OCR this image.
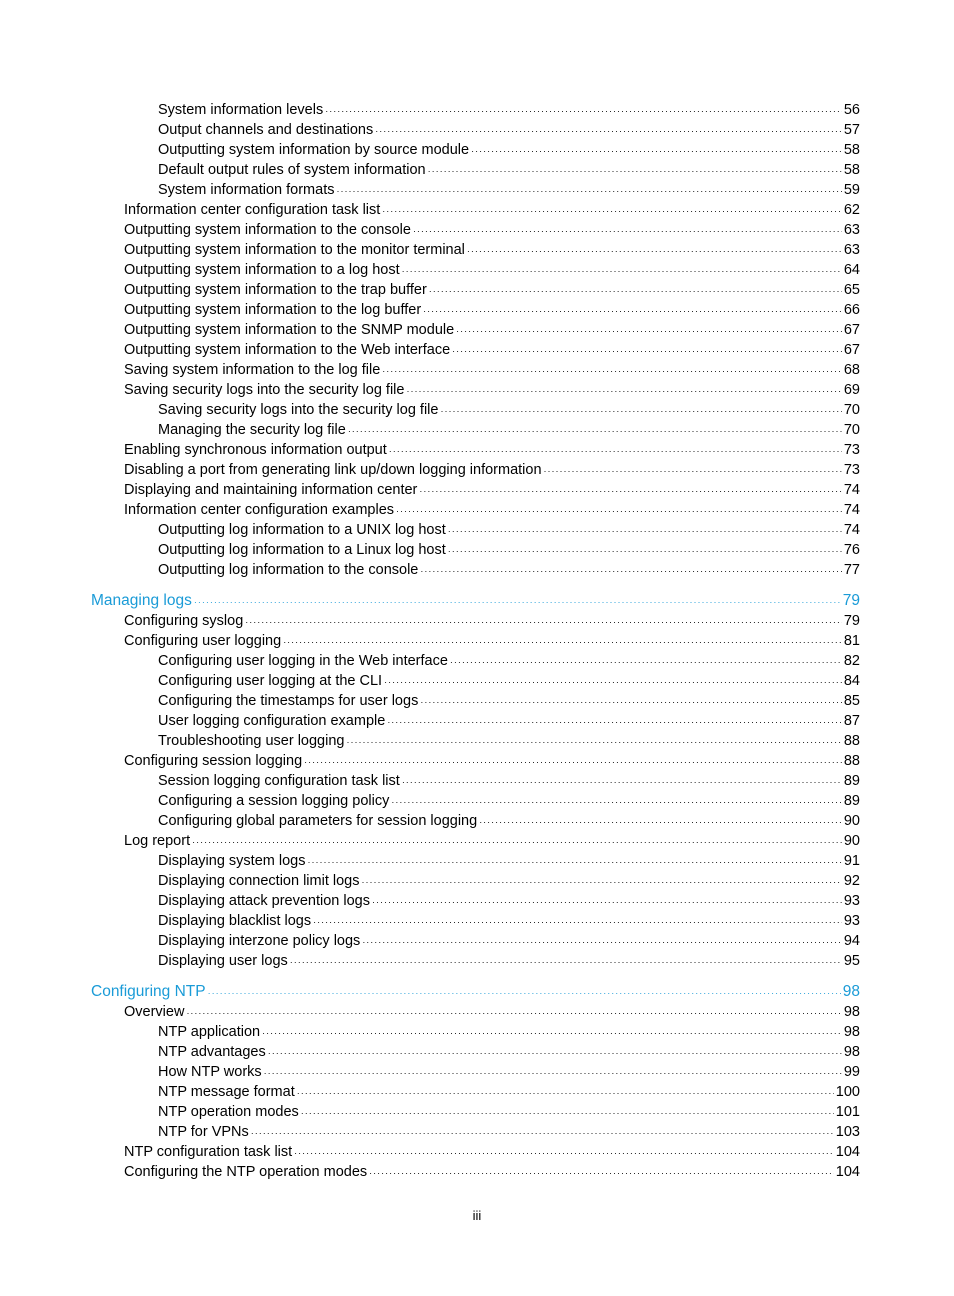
System information levels ·····	56
Output channels and destinations ·····	57
Outputting system information by source module ·····	58
Default output rules of system information ·····	58
System information formats ·····	59
Information center configuration task list ·····	62
Outputting system information to the console ·····	63
Outputting system information to the monitor terminal ·····	63
Outputting system information to a log host ·····	64
Outputting system information to the trap buffer ·····	65
Outputting system information to the log buffer ·····	66
Outputting system information to the SNMP module ·····	67
Outputting system information to the Web interface ·····	67
Saving system information to the log file ·····	68
Saving security logs into the security log file ·····	69
Saving security logs into the security log file ·····	70
Managing the security log file ·····	70
Enabling synchronous information output ·····	73
Disabling a port from generating link up/down logging information ·····	73
Displaying and maintaining information center ·····	74
Information center configuration examples ·····	74
Outputting log information to a UNIX log host ·····	74
Outputting log information to a Linux log host ·····	76
Outputting log information to the console ·····	77
Managing logs ·····	79
Configuring syslog ·····	79
Configuring user logging ·····	81
Configuring user logging in the Web interface ·····	82
Configuring user logging at the CLI ·····	84
Configuring the timestamps for user logs ·····	85
User logging configuration example ·····	87
Troubleshooting user logging ·····	88
Configuring session logging ·····	88
Session logging configuration task list ·····	89
Configuring a session logging policy ·····	89
Configuring global parameters for session logging ·····	90
Log report ·····	90
Displaying system logs ·····	91
Displaying connection limit logs ·····	92
Displaying attack prevention logs ·····	93
Displaying blacklist logs ·····	93
Displaying interzone policy logs ·····	94
Displaying user logs ·····	95
Configuring NTP ·····	98
Overview ·····	98
NTP application ·····	98
NTP advantages ·····	98
How NTP works ·····	99
NTP message format ·····	100
NTP operation modes ·····	101
NTP for VPNs ·····	103
NTP configuration task list ·····	104
Configuring the NTP operation modes ·····	104
iii
